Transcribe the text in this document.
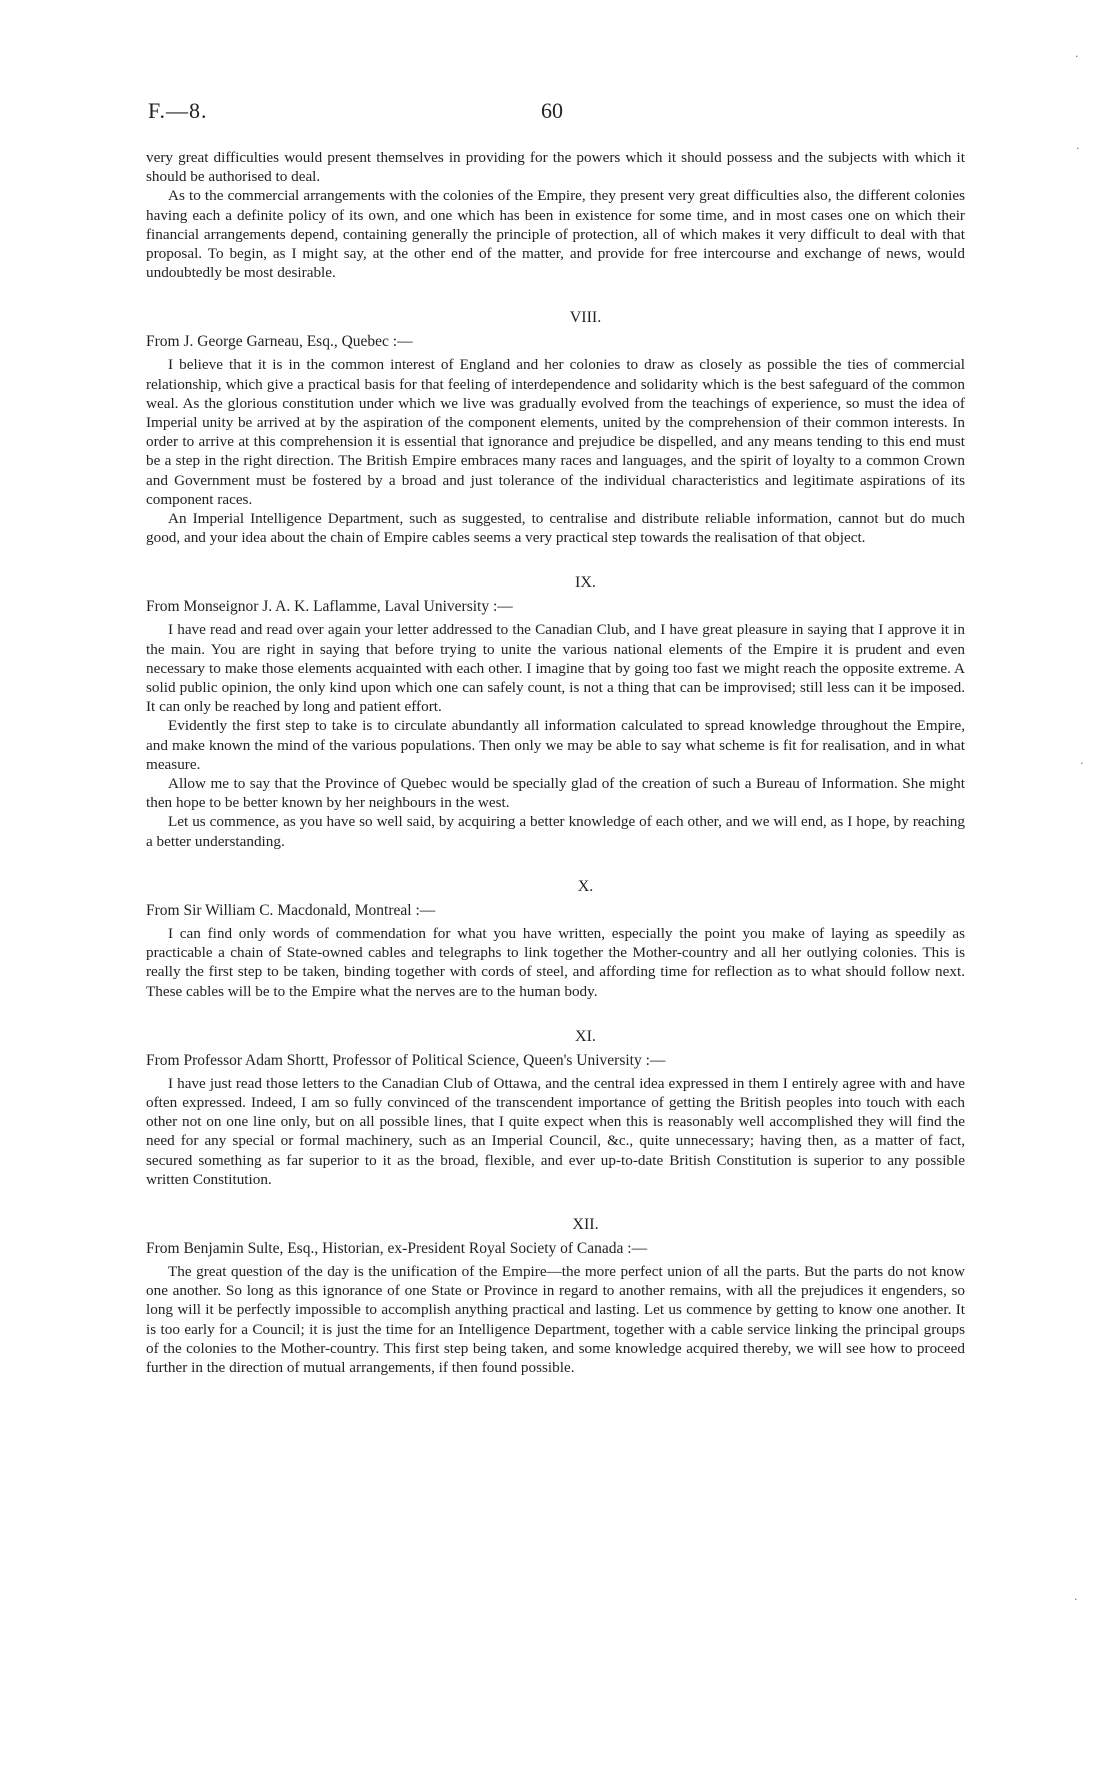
F.—8.	60

very great difficulties would present themselves in providing for the powers which it should possess and the subjects with which it should be authorised to deal.

As to the commercial arrangements with the colonies of the Empire, they present very great difficulties also, the different colonies having each a definite policy of its own, and one which has been in existence for some time, and in most cases one on which their financial arrangements depend, containing generally the principle of protection, all of which makes it very difficult to deal with that proposal. To begin, as I might say, at the other end of the matter, and provide for free intercourse and exchange of news, would undoubtedly be most desirable.

VIII.
From J. George Garneau, Esq., Quebec :—

I believe that it is in the common interest of England and her colonies to draw as closely as possible the ties of commercial relationship, which give a practical basis for that feeling of interdependence and solidarity which is the best safeguard of the common weal. As the glorious constitution under which we live was gradually evolved from the teachings of experience, so must the idea of Imperial unity be arrived at by the aspiration of the component elements, united by the comprehension of their common interests. In order to arrive at this comprehension it is essential that ignorance and prejudice be dispelled, and any means tending to this end must be a step in the right direction. The British Empire embraces many races and languages, and the spirit of loyalty to a common Crown and Government must be fostered by a broad and just tolerance of the individual characteristics and legitimate aspirations of its component races.

An Imperial Intelligence Department, such as suggested, to centralise and distribute reliable information, cannot but do much good, and your idea about the chain of Empire cables seems a very practical step towards the realisation of that object.

IX.
From Monseignor J. A. K. Laflamme, Laval University :—

I have read and read over again your letter addressed to the Canadian Club, and I have great pleasure in saying that I approve it in the main. You are right in saying that before trying to unite the various national elements of the Empire it is prudent and even necessary to make those elements acquainted with each other. I imagine that by going too fast we might reach the opposite extreme. A solid public opinion, the only kind upon which one can safely count, is not a thing that can be improvised; still less can it be imposed. It can only be reached by long and patient effort.

Evidently the first step to take is to circulate abundantly all information calculated to spread knowledge throughout the Empire, and make known the mind of the various populations. Then only we may be able to say what scheme is fit for realisation, and in what measure.

Allow me to say that the Province of Quebec would be specially glad of the creation of such a Bureau of Information. She might then hope to be better known by her neighbours in the west.

Let us commence, as you have so well said, by acquiring a better knowledge of each other, and we will end, as I hope, by reaching a better understanding.

X.
From Sir William C. Macdonald, Montreal :—

I can find only words of commendation for what you have written, especially the point you make of laying as speedily as practicable a chain of State-owned cables and telegraphs to link together the Mother-country and all her outlying colonies. This is really the first step to be taken, binding together with cords of steel, and affording time for reflection as to what should follow next. These cables will be to the Empire what the nerves are to the human body.

XI.
From Professor Adam Shortt, Professor of Political Science, Queen's University :—

I have just read those letters to the Canadian Club of Ottawa, and the central idea expressed in them I entirely agree with and have often expressed. Indeed, I am so fully convinced of the transcendent importance of getting the British peoples into touch with each other not on one line only, but on all possible lines, that I quite expect when this is reasonably well accomplished they will find the need for any special or formal machinery, such as an Imperial Council, &c., quite unnecessary; having then, as a matter of fact, secured something as far superior to it as the broad, flexible, and ever up-to-date British Constitution is superior to any possible written Constitution.

XII.
From Benjamin Sulte, Esq., Historian, ex-President Royal Society of Canada :—

The great question of the day is the unification of the Empire—the more perfect union of all the parts. But the parts do not know one another. So long as this ignorance of one State or Province in regard to another remains, with all the prejudices it engenders, so long will it be perfectly impossible to accomplish anything practical and lasting. Let us commence by getting to know one another. It is too early for a Council; it is just the time for an Intelligence Department, together with a cable service linking the principal groups of the colonies to the Mother-country. This first step being taken, and some knowledge acquired thereby, we will see how to proceed further in the direction of mutual arrangements, if then found possible.

·
·
·
·
